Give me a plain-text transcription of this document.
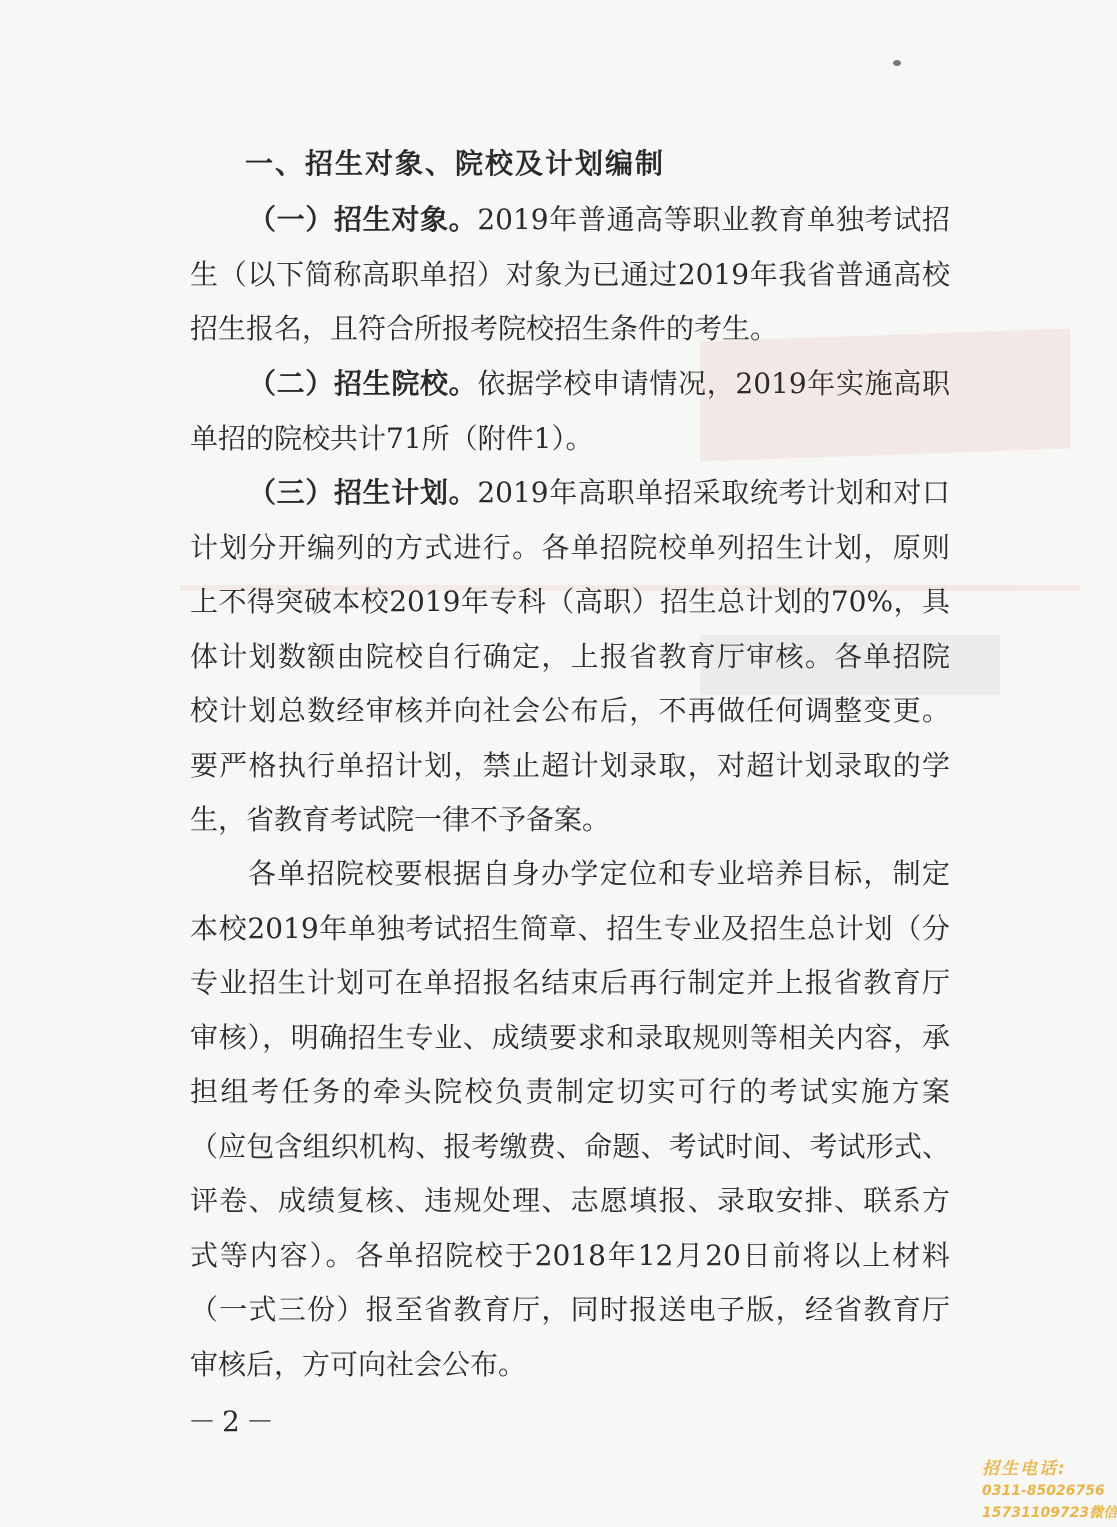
一、招生对象、院校及计划编制
（一）招生对象。2019年普通高等职业教育单独考试招
生（以下简称高职单招）对象为已通过2019年我省普通高校
招生报名，且符合所报考院校招生条件的考生。
（二）招生院校。依据学校申请情况，2019年实施高职
单招的院校共计71所（附件1）。
（三）招生计划。2019年高职单招采取统考计划和对口
计划分开编列的方式进行。各单招院校单列招生计划，原则
上不得突破本校2019年专科（高职）招生总计划的70%，具
体计划数额由院校自行确定，上报省教育厅审核。各单招院
校计划总数经审核并向社会公布后，不再做任何调整变更。
要严格执行单招计划，禁止超计划录取，对超计划录取的学
生，省教育考试院一律不予备案。
各单招院校要根据自身办学定位和专业培养目标，制定
本校2019年单独考试招生简章、招生专业及招生总计划（分
专业招生计划可在单招报名结束后再行制定并上报省教育厅
审核），明确招生专业、成绩要求和录取规则等相关内容，承
担组考任务的牵头院校负责制定切实可行的考试实施方案
（应包含组织机构、报考缴费、命题、考试时间、考试形式、
评卷、成绩复核、违规处理、志愿填报、录取安排、联系方
式等内容）。各单招院校于2018年12月20日前将以上材料
（一式三份）报至省教育厅，同时报送电子版，经省教育厅
审核后，方可向社会公布。
－2－
招生电话:
0311-85026756
15731109723微信
